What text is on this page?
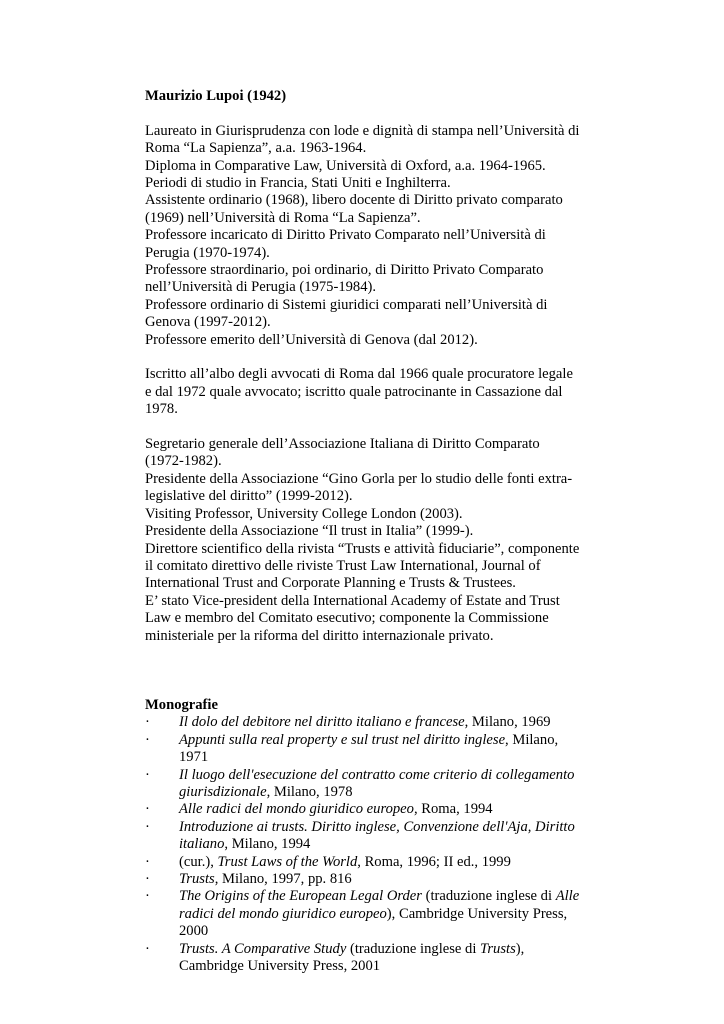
Maurizio Lupoi (1942)

Laureato in Giurisprudenza con lode e dignità di stampa nell’Università di
Roma “La Sapienza”, a.a. 1963-1964.
Diploma in Comparative Law, Università di Oxford, a.a. 1964-1965.
Periodi di studio in Francia, Stati Uniti e Inghilterra.
Assistente ordinario (1968), libero docente di Diritto privato comparato
(1969) nell’Università di Roma “La Sapienza”.
Professore incaricato di Diritto Privato Comparato nell’Università di
Perugia (1970-1974).
Professore straordinario, poi ordinario, di Diritto Privato Comparato
nell’Università di Perugia (1975-1984).
Professore ordinario di Sistemi giuridici comparati nell’Università di
Genova (1997-2012).
Professore emerito dell’Università di Genova (dal 2012).
Iscritto all’albo degli avvocati di Roma dal 1966 quale procuratore legale
e dal 1972 quale avvocato; iscritto quale patrocinante in Cassazione dal
1978.
Segretario generale dell’Associazione Italiana di Diritto Comparato
(1972-1982).
Presidente della Associazione “Gino Gorla per lo studio delle fonti extra-
legislative del diritto” (1999-2012).
Visiting Professor, University College London (2003).
Presidente della Associazione “Il trust in Italia” (1999-).
Direttore scientifico della rivista “Trusts e attività fiduciarie”, componente
il comitato direttivo delle riviste Trust Law International, Journal of
International Trust and Corporate Planning e Trusts & Trustees.
E’ stato Vice-president della International Academy of Estate and Trust
Law e membro del Comitato esecutivo; componente la Commissione
ministeriale per la riforma del diritto internazionale privato.

Monografie

· Il dolo del debitore nel diritto italiano e francese, Milano, 1969
· Appunti sulla real property e sul trust nel diritto inglese, Milano,
1971
· Il luogo dell'esecuzione del contratto come criterio di collegamento
giurisdizionale, Milano, 1978
· Alle radici del mondo giuridico europeo, Roma, 1994
· Introduzione ai trusts. Diritto inglese, Convenzione dell'Aja, Diritto
italiano, Milano, 1994
· (cur.), Trust Laws of the World, Roma, 1996; II ed., 1999
· Trusts, Milano, 1997, pp. 816
· The Origins of the European Legal Order (traduzione inglese di Alle
radici del mondo giuridico europeo), Cambridge University Press,
2000
· Trusts. A Comparative Study (traduzione inglese di Trusts),
Cambridge University Press, 2001
